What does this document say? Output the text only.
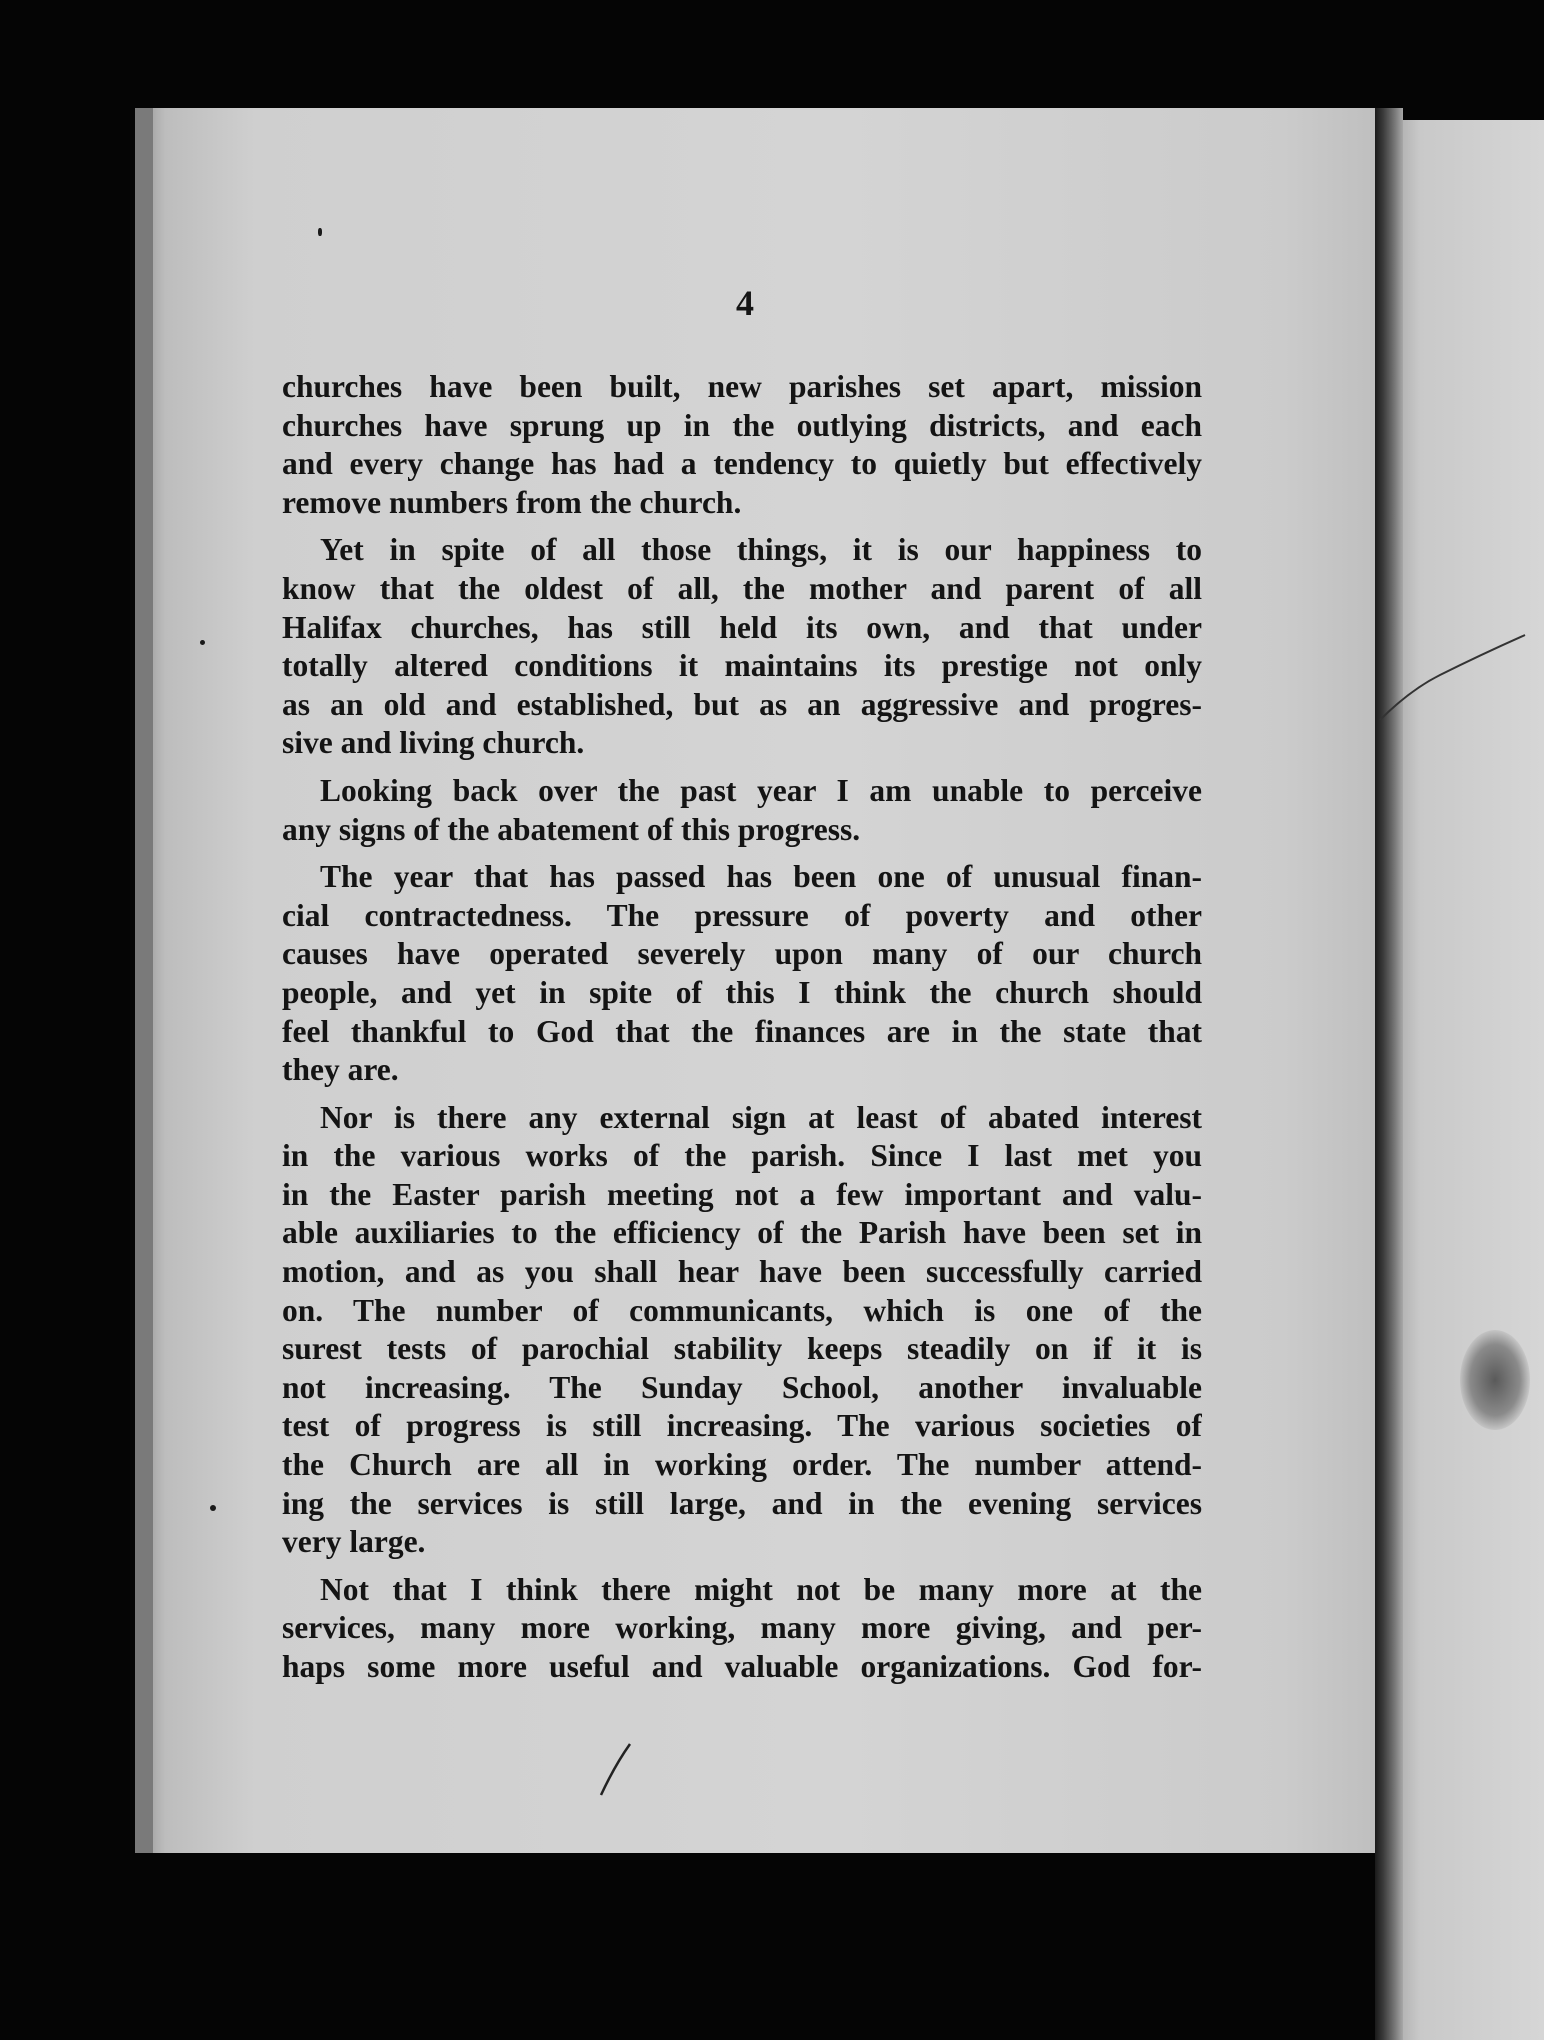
4
churches have been built, new parishes set apart, mission
churches have sprung up in the outlying districts, and each
and every change has had a tendency to quietly but effectively
remove numbers from the church.
Yet in spite of all those things, it is our happiness to
know that the oldest of all, the mother and parent of all
Halifax churches, has still held its own, and that under
totally altered conditions it maintains its prestige not only
as an old and established, but as an aggressive and progres-
sive and living church.
Looking back over the past year I am unable to perceive
any signs of the abatement of this progress.
The year that has passed has been one of unusual finan-
cial contractedness. The pressure of poverty and other
causes have operated severely upon many of our church
people, and yet in spite of this I think the church should
feel thankful to God that the finances are in the state that
they are.
Nor is there any external sign at least of abated interest
in the various works of the parish. Since I last met you
in the Easter parish meeting not a few important and valu-
able auxiliaries to the efficiency of the Parish have been set in
motion, and as you shall hear have been successfully carried
on. The number of communicants, which is one of the
surest tests of parochial stability keeps steadily on if it is
not increasing. The Sunday School, another invaluable
test of progress is still increasing. The various societies of
the Church are all in working order. The number attend-
ing the services is still large, and in the evening services
very large.
Not that I think there might not be many more at the
services, many more working, many more giving, and per-
haps some more useful and valuable organizations. God for-
